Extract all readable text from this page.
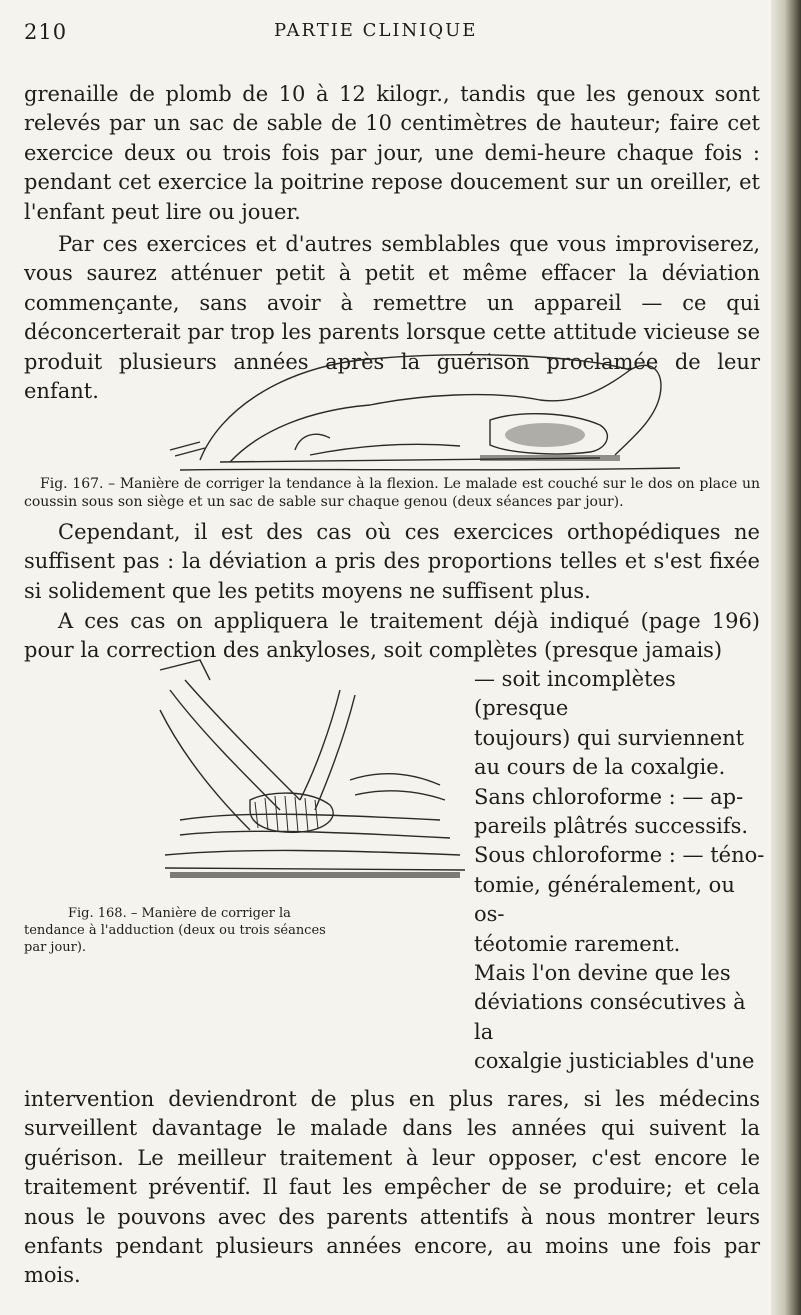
210	PARTIE CLINIQUE

grenaille de plomb de 10 à 12 kilogr., tandis que les genoux sont relevés par un sac de sable de 10 centimètres de hauteur; faire cet exercice deux ou trois fois par jour, une demi-heure chaque fois : pendant cet exercice la poitrine repose doucement sur un oreiller, et l'enfant peut lire ou jouer.

Par ces exercices et d'autres semblables que vous improviserez, vous saurez atténuer petit à petit et même effacer la déviation commençante, sans avoir à remettre un appareil — ce qui déconcerterait par trop les parents lorsque cette attitude vicieuse se produit plusieurs années après la guérison proclamée de leur enfant.

Fig. 167. – Manière de corriger la tendance à la flexion. Le malade est couché sur le dos on place un coussin sous son siège et un sac de sable sur chaque genou (deux séances par jour).

Cependant, il est des cas où ces exercices orthopédiques ne suffisent pas : la déviation a pris des proportions telles et s'est fixée si solidement que les petits moyens ne suffisent plus.

A ces cas on appliquera le traitement déjà indiqué (page 196) pour la correction des ankyloses, soit complètes (presque jamais)

— soit incomplètes (presque
toujours) qui surviennent
au cours de la coxalgie.
Sans chloroforme : — ap-
pareils plâtrés successifs.
Sous chloroforme : — téno-
tomie, généralement, ou os-
téotomie rarement.
Mais l'on devine que les
déviations consécutives à la
coxalgie justiciables d'une

Fig. 168. – Manière de corriger la tendance à l'adduction (deux ou trois séances par jour).

intervention deviendront de plus en plus rares, si les médecins surveillent davantage le malade dans les années qui suivent la guérison. Le meilleur traitement à leur opposer, c'est encore le traitement préventif. Il faut les empêcher de se produire; et cela nous le pouvons avec des parents attentifs à nous montrer leurs enfants pendant plusieurs années encore, au moins une fois par mois.
